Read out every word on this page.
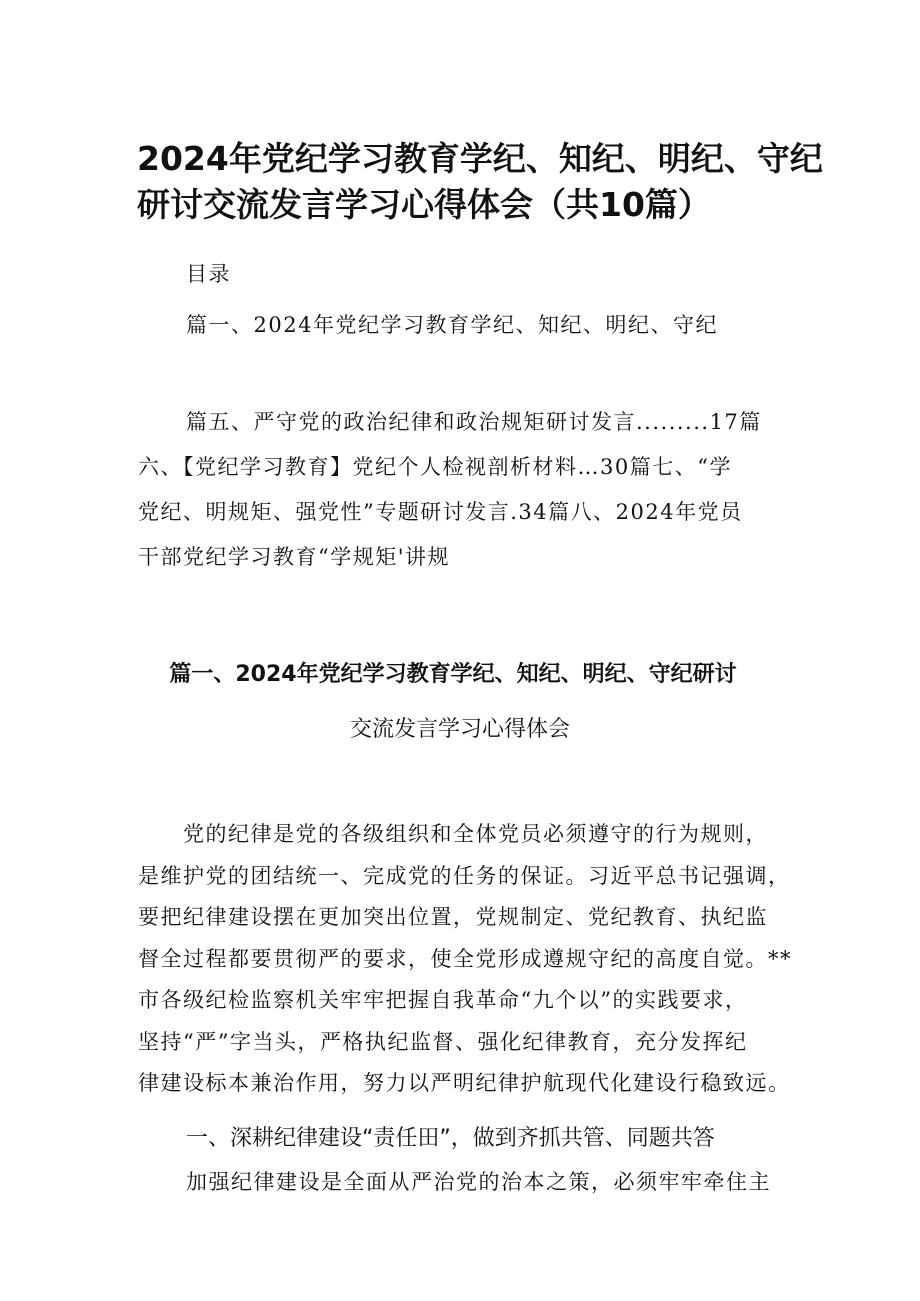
2024年党纪学习教育学纪、知纪、明纪、守纪
研讨交流发言学习心得体会（共10篇）
目录
篇一、2024年党纪学习教育学纪、知纪、明纪、守纪
篇五、严守党的政治纪律和政治规矩研讨发言.........17篇
六、【党纪学习教育】党纪个人检视剖析材料…30篇七、“学
党纪、明规矩、强党性”专题研讨发言.34篇八、2024年党员
干部党纪学习教育“学规矩'讲规
篇一、2024年党纪学习教育学纪、知纪、明纪、守纪研讨
交流发言学习心得体会
党的纪律是党的各级组织和全体党员必须遵守的行为规则，
是维护党的团结统一、完成党的任务的保证。习近平总书记强调，
要把纪律建设摆在更加突出位置，党规制定、党纪教育、执纪监
督全过程都要贯彻严的要求，使全党形成遵规守纪的高度自觉。**
市各级纪检监察机关牢牢把握自我革命“九个以”的实践要求，
坚持“严”字当头，严格执纪监督、强化纪律教育，充分发挥纪
律建设标本兼治作用，努力以严明纪律护航现代化建设行稳致远。
一、深耕纪律建设“责任田”，做到齐抓共管、同题共答
加强纪律建设是全面从严治党的治本之策，必须牢牢牵住主
